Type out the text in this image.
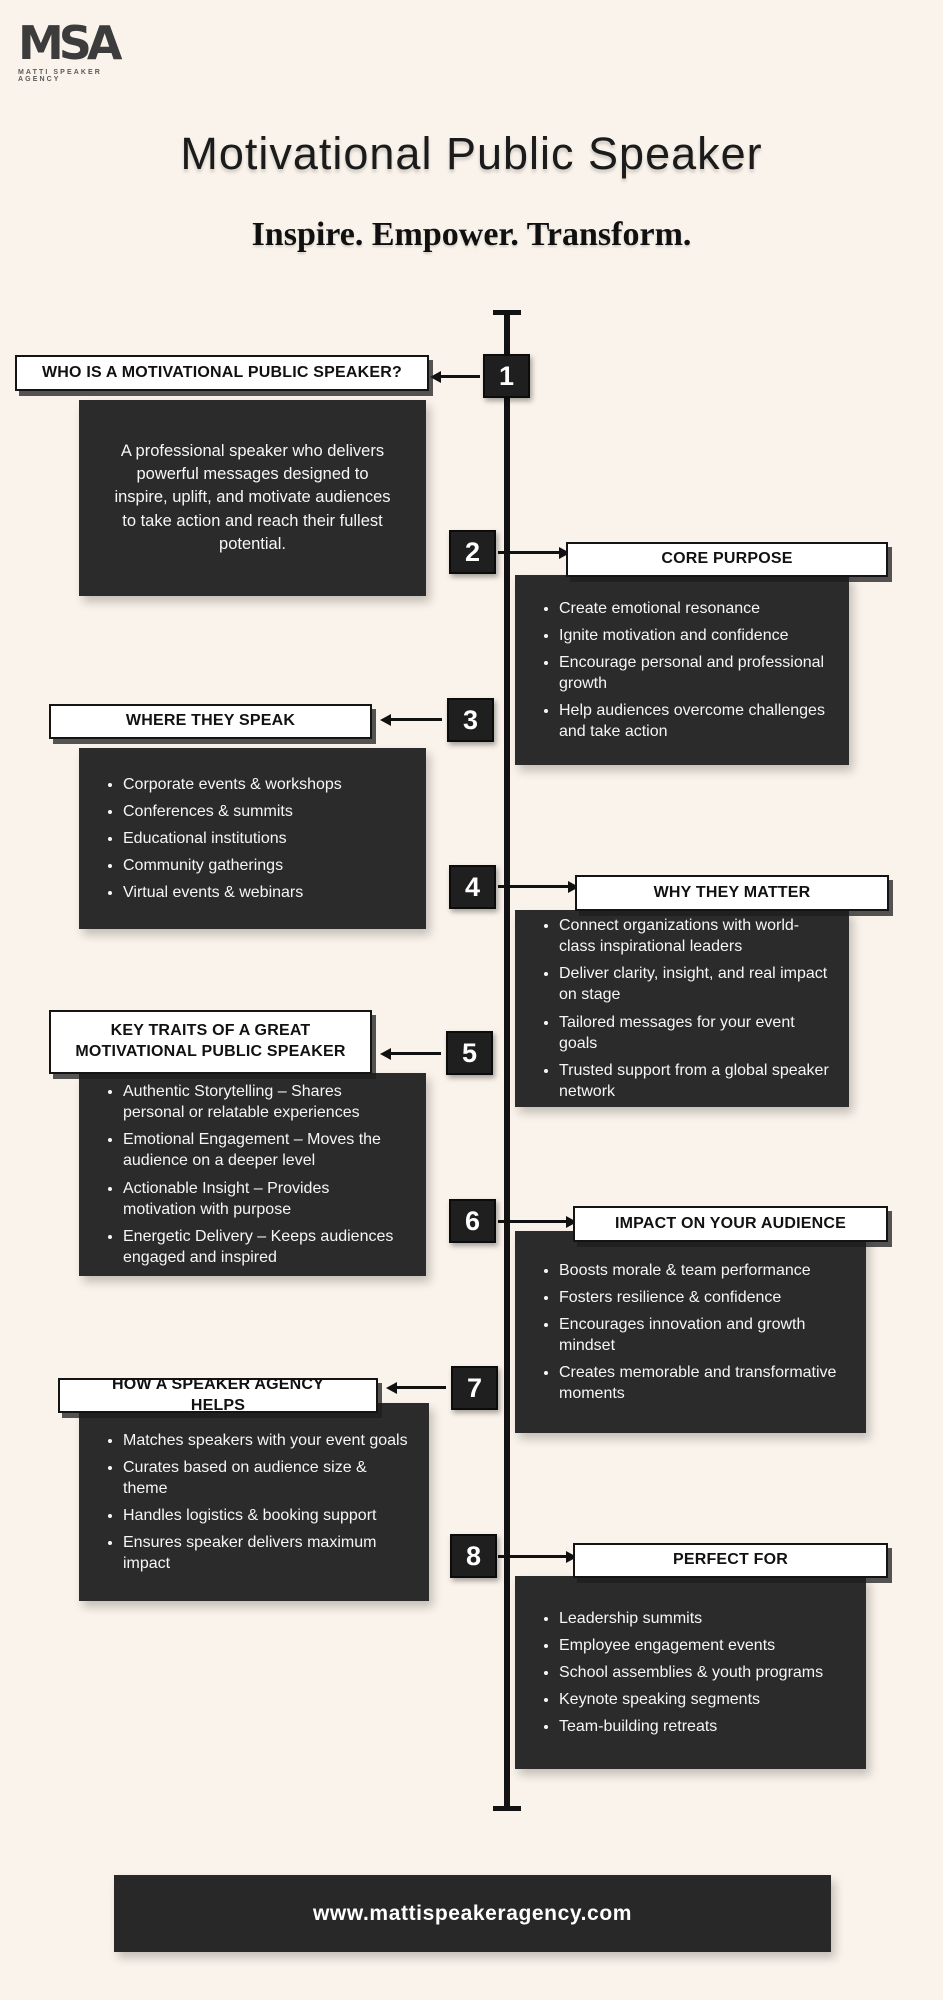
MSA
MATTI SPEAKER AGENCY
Motivational Public Speaker
Inspire. Empower. Transform.
1
2
3
4
5
6
7
8
WHO IS A MOTIVATIONAL PUBLIC SPEAKER?
CORE PURPOSE
WHERE THEY SPEAK
WHY THEY MATTER
KEY TRAITS OF A GREAT MOTIVATIONAL PUBLIC SPEAKER
IMPACT ON YOUR AUDIENCE
HOW A SPEAKER AGENCY HELPS
PERFECT FOR

A professional speaker who delivers powerful messages designed to inspire, uplift, and motivate audiences to take action and reach their fullest potential.

• Create emotional resonance
• Ignite motivation and confidence
• Encourage personal and professional growth
• Help audiences overcome challenges and take action
• Corporate events & workshops
• Conferences & summits
• Educational institutions
• Community gatherings
• Virtual events & webinars
• Connect organizations with world-class inspirational leaders
• Deliver clarity, insight, and real impact on stage
• Tailored messages for your event goals
• Trusted support from a global speaker network
• Authentic Storytelling – Shares personal or relatable experiences
• Emotional Engagement – Moves the audience on a deeper level
• Actionable Insight – Provides motivation with purpose
• Energetic Delivery – Keeps audiences engaged and inspired
• Boosts morale & team performance
• Fosters resilience & confidence
• Encourages innovation and growth mindset
• Creates memorable and transformative moments
• Matches speakers with your event goals
• Curates based on audience size & theme
• Handles logistics & booking support
• Ensures speaker delivers maximum impact
• Leadership summits
• Employee engagement events
• School assemblies & youth programs
• Keynote speaking segments
• Team-building retreats
www.mattispeakeragency.com
